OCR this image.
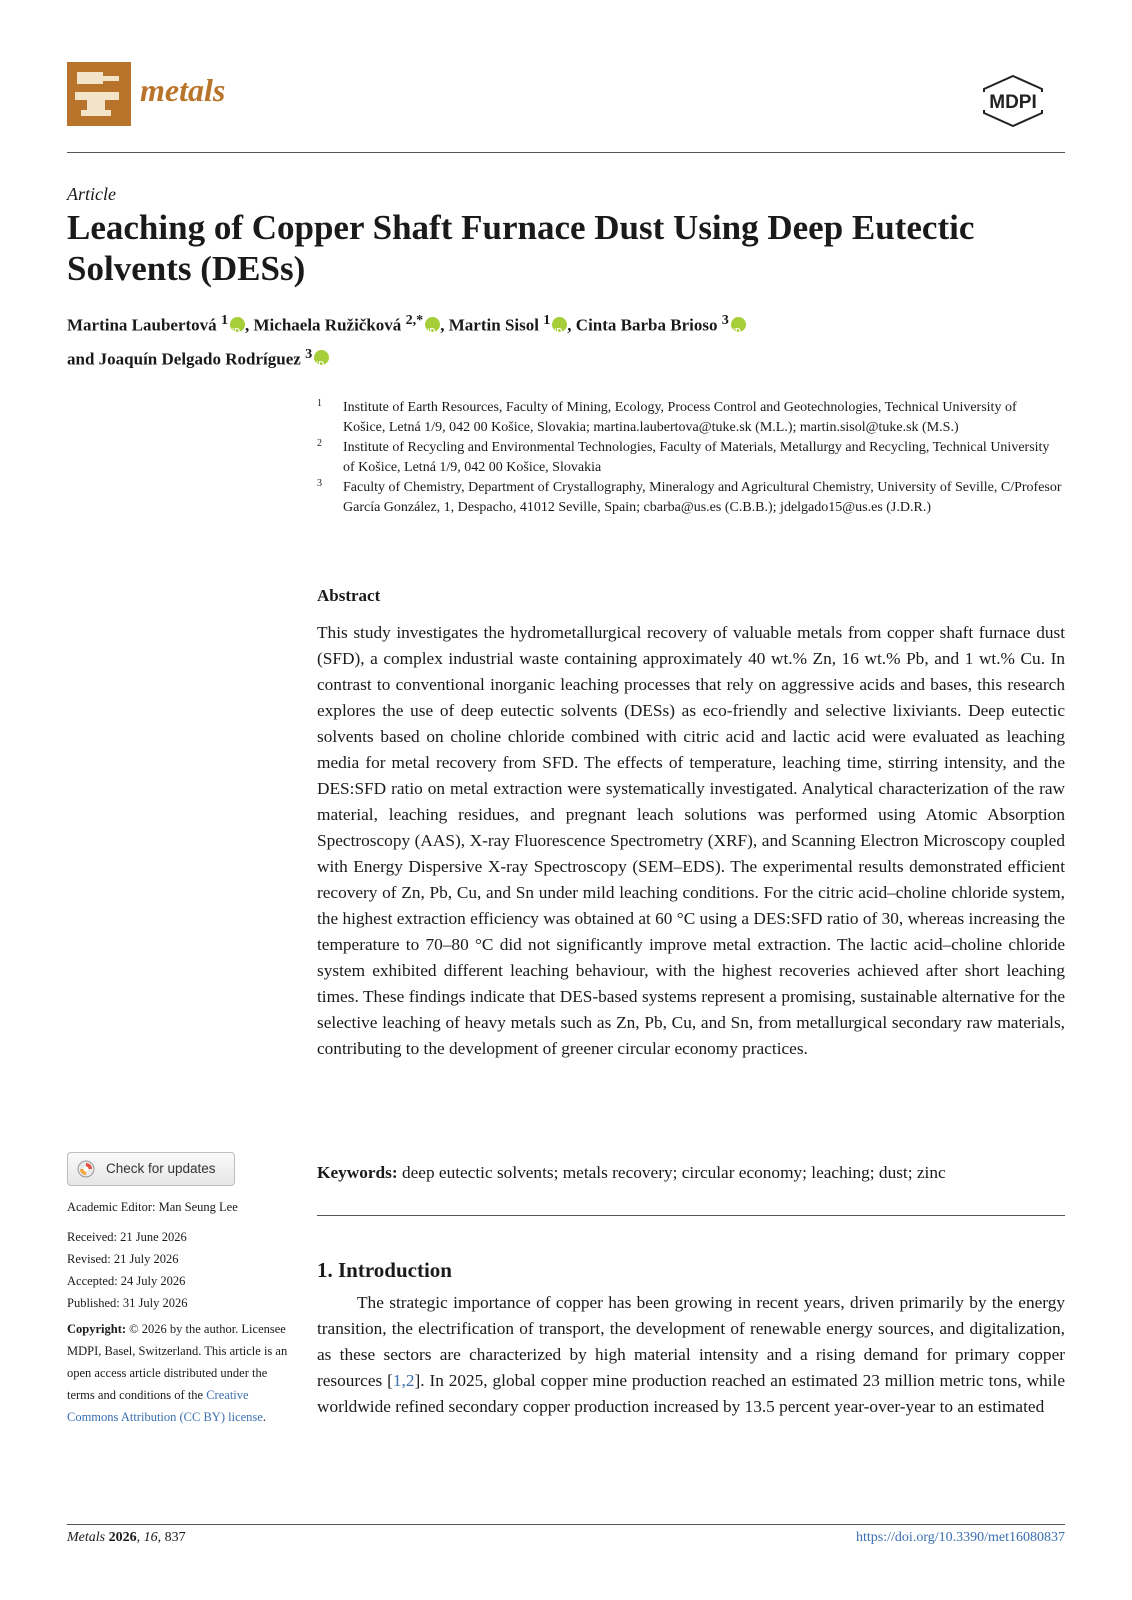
metals	MDPI
Article
Leaching of Copper Shaft Furnace Dust Using Deep Eutectic Solvents (DESs)
Martina Laubertová $^1$ iD , Michaela Ružičková $^{2,*}$ iD , Martin Sisol $^1$ iD , Cinta Barba Brioso $^3$iD
and Joaquín Delgado Rodríguez $^3$iD
1 Institute of Earth Resources, Faculty of Mining, Ecology, Process Control and Geotechnologies, Technical University of Košice, Letná 1/9, 042 00 Košice, Slovakia; martina.laubertova@tuke.sk (M.L.); martin.sisol@tuke.sk (M.S.)
2 Institute of Recycling and Environmental Technologies, Faculty of Materials, Metallurgy and Recycling, Technical University of Košice, Letná 1/9, 042 00 Košice, Slovakia
3 Faculty of Chemistry, Department of Crystallography, Mineralogy and Agricultural Chemistry, University of Seville, C/Profesor García González, 1, Despacho, 41012 Seville, Spain; cbarba@us.es (C.B.B.); jdelgado15@us.es (J.D.R.)
Abstract
This study investigates the hydrometallurgical recovery of valuable metals from copper shaft furnace dust (SFD), a complex industrial waste containing approximately 40 wt.% Zn, 16 wt.% Pb, and 1 wt.% Cu. In contrast to conventional inorganic leaching processes that rely on aggressive acids and bases, this research explores the use of deep eutectic solvents (DESs) as eco-friendly and selective lixiviants. Deep eutectic solvents based on choline chloride combined with citric acid and lactic acid were evaluated as leaching media for metal recovery from SFD. The effects of temperature, leaching time, stirring intensity, and the DES:SFD ratio on metal extraction were systematically investigated. Analytical characterization of the raw material, leaching residues, and pregnant leach solutions was performed using Atomic Absorption Spectroscopy (AAS), X-ray Fluorescence Spectrometry (XRF), and Scanning Electron Microscopy coupled with Energy Dispersive X-ray Spectroscopy (SEM–EDS). The experimental results demonstrated efficient recovery of Zn, Pb, Cu, and Sn under mild leaching conditions. For the citric acid–choline chloride system, the highest extraction efficiency was obtained at 60 °C using a DES:SFD ratio of 30, whereas increasing the temperature to 70–80 °C did not significantly improve metal extraction. The lactic acid–choline chloride system exhibited different leaching behaviour, with the highest recoveries achieved after short leaching times. These findings indicate that DES-based systems represent a promising, sustainable alternative for the selective leaching of heavy metals such as Zn, Pb, Cu, and Sn, from metallurgical secondary raw materials, contributing to the development of greener circular economy practices.
Keywords: deep eutectic solvents; metals recovery; circular economy; leaching; dust; zinc
1. Introduction
The strategic importance of copper has been growing in recent years, driven primarily by the energy transition, the electrification of transport, the development of renewable energy sources, and digitalization, as these sectors are characterized by high material intensity and a rising demand for primary copper resources [1,2]. In 2025, global copper mine production reached an estimated 23 million metric tons, while worldwide refined secondary copper production increased by 13.5 percent year-over-year to an estimated
Check for updates
Academic Editor: Man Seung Lee
Received: 21 June 2026
Revised: 21 July 2026
Accepted: 24 July 2026
Published: 31 July 2026
Copyright: © 2026 by the author. Licensee MDPI, Basel, Switzerland. This article is an open access article distributed under the terms and conditions of the Creative Commons Attribution (CC BY) license.
Metals 2026, 16, 837	https://doi.org/10.3390/met16080837
